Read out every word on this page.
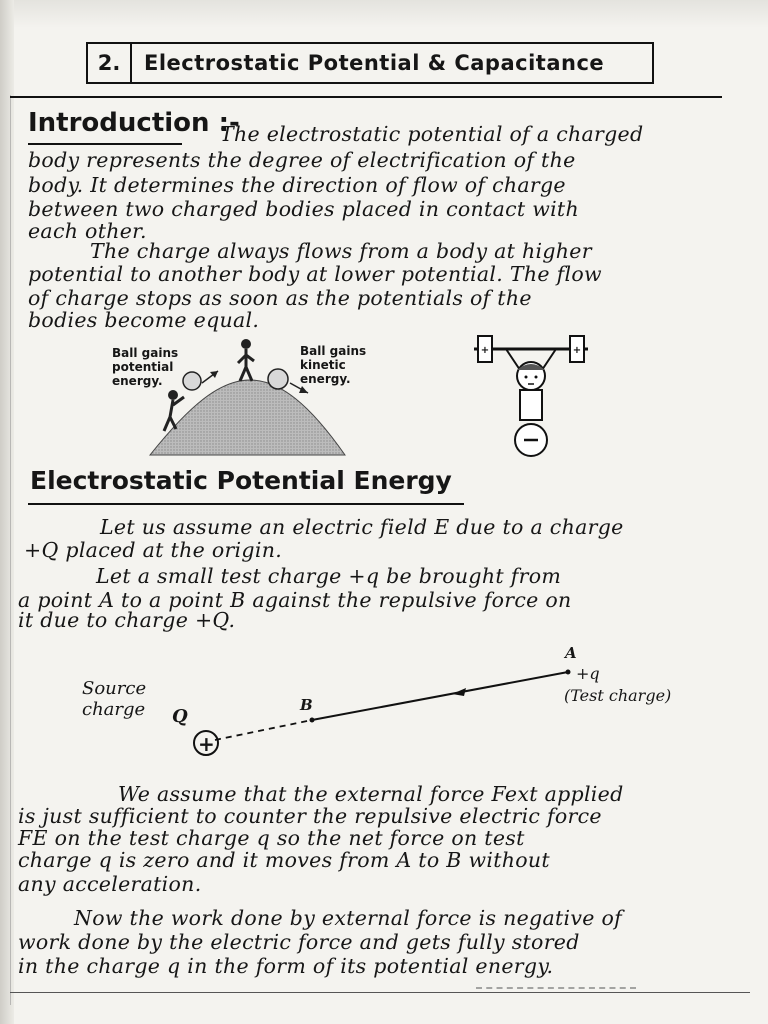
2.	Electrostatic Potential & Capacitance
Introduction :-
The electrostatic potential of a charged
body represents the degree of electrification of the
body. It determines the direction of flow of charge
between two charged bodies placed in contact with
each other.
The charge always flows from a body at higher
potential to another body at lower potential. The flow
of charge stops as soon as the potentials of the
bodies become equal.
Ball gains
potential
energy.
Ball gains
kinetic
energy.
+	+
Electrostatic Potential Energy
Let us assume an electric field E due to a charge
+Q placed at the origin.
Let a small test charge +q be brought from
a point A to a point B against the repulsive force on
it due to charge +Q.
Source
charge Q
B
A
+q
(Test charge)
+
We assume that the external force Fext applied
is just sufficient to counter the repulsive electric force
FE on the test charge q so the net force on test
charge q is zero and it moves from A to B without
any acceleration.
Now the work done by external force is negative of
work done by the electric force and gets fully stored
in the charge q in the form of its potential energy.
